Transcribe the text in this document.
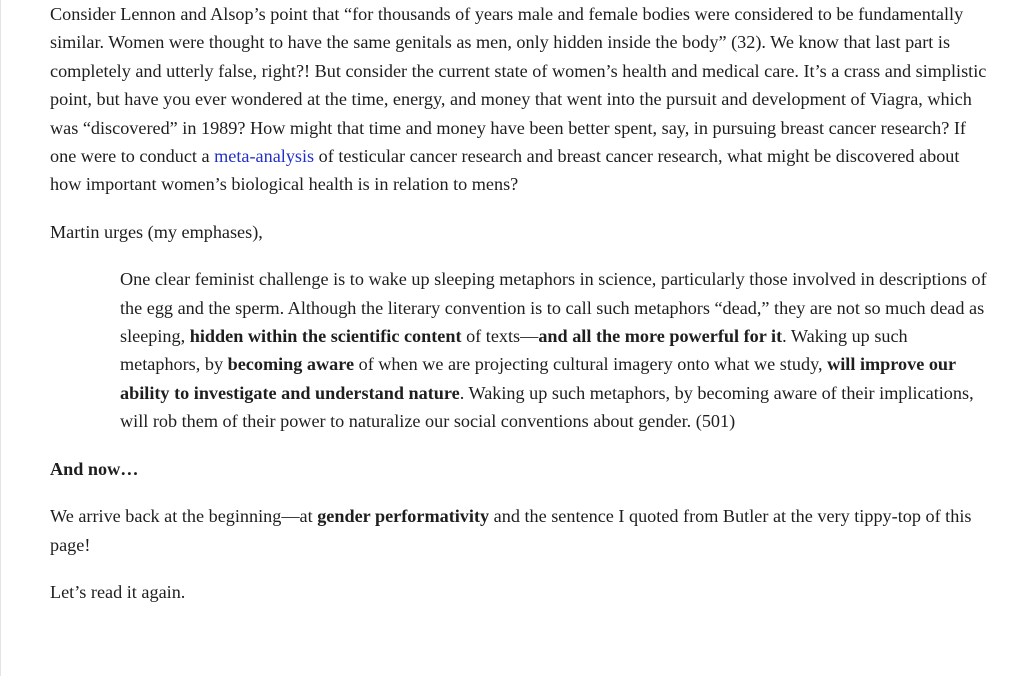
Consider Lennon and Alsop’s point that “for thousands of years male and female bodies were considered to be fundamentally similar. Women were thought to have the same genitals as men, only hidden inside the body” (32). We know that last part is completely and utterly false, right?! But consider the current state of women’s health and medical care. It’s a crass and simplistic point, but have you ever wondered at the time, energy, and money that went into the pursuit and development of Viagra, which was “discovered” in 1989? How might that time and money have been better spent, say, in pursuing breast cancer research? If one were to conduct a meta-analysis of testicular cancer research and breast cancer research, what might be discovered about how important women’s biological health is in relation to mens?

Martin urges (my emphases),

One clear feminist challenge is to wake up sleeping metaphors in science, particularly those involved in descriptions of the egg and the sperm. Although the literary convention is to call such metaphors “dead,” they are not so much dead as sleeping, hidden within the scientific content of texts—and all the more powerful for it. Waking up such metaphors, by becoming aware of when we are projecting cultural imagery onto what we study, will improve our ability to investigate and understand nature. Waking up such metaphors, by becoming aware of their implications, will rob them of their power to naturalize our social conventions about gender. (501)

And now…

We arrive back at the beginning—at gender performativity and the sentence I quoted from Butler at the very tippy-top of this page!

Let’s read it again.
